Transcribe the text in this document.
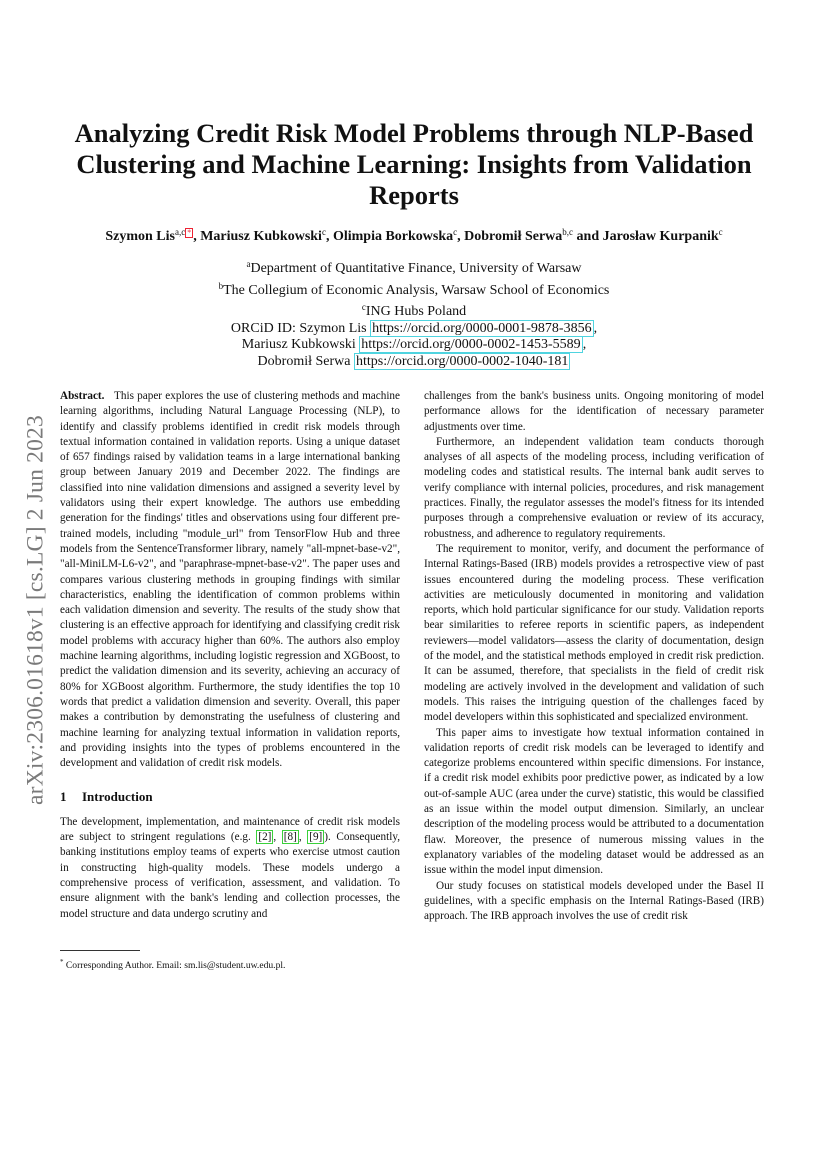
arXiv:2306.01618v1 [cs.LG] 2 Jun 2023
Analyzing Credit Risk Model Problems through NLP-Based Clustering and Machine Learning: Insights from Validation Reports
Szymon Lis$^{a,c}$ * , Mariusz Kubkowski$^c$, Olimpia Borkowska$^c$, Dobromił Serwa$^{b,c}$ and Jarosław Kurpanik$^c$
$^a$Department of Quantitative Finance, University of Warsaw
$^b$The Collegium of Economic Analysis, Warsaw School of Economics
$^c$ING Hubs Poland
ORCiD ID: Szymon Lis https://orcid.org/0000-0001-9878-3856 ,
Mariusz Kubkowski https://orcid.org/0000-0002-1453-5589 ,
Dobromił Serwa https://orcid.org/0000-0002-1040-181

Abstract. This paper explores the use of clustering methods and machine learning algorithms, including Natural Language Processing (NLP), to identify and classify problems identified in credit risk models through textual information contained in validation reports. Using a unique dataset of 657 findings raised by validation teams in a large international banking group between January 2019 and December 2022. The findings are classified into nine validation dimensions and assigned a severity level by validators using their expert knowledge. The authors use embedding generation for the findings' titles and observations using four different pre-trained models, including "module_url" from TensorFlow Hub and three models from the SentenceTransformer library, namely "all-mpnet-base-v2", "all-MiniLM-L6-v2", and "paraphrase-mpnet-base-v2". The paper uses and compares various clustering methods in grouping findings with similar characteristics, enabling the identification of common problems within each validation dimension and severity. The results of the study show that clustering is an effective approach for identifying and classifying credit risk model problems with accuracy higher than 60%. The authors also employ machine learning algorithms, including logistic regression and XGBoost, to predict the validation dimension and its severity, achieving an accuracy of 80% for XGBoost algorithm. Furthermore, the study identifies the top 10 words that predict a validation dimension and severity. Overall, this paper makes a contribution by demonstrating the usefulness of clustering and machine learning for analyzing textual information in validation reports, and providing insights into the types of problems encountered in the development and validation of credit risk models.

1 Introduction

The development, implementation, and maintenance of credit risk models are subject to stringent regulations (e.g. [2] , [8] , [9] ). Consequently, banking institutions employ teams of experts who exercise utmost caution in constructing high-quality models. These models undergo a comprehensive process of verification, assessment, and validation. To ensure alignment with the bank's lending and collection processes, the model structure and data undergo scrutiny and

* Corresponding Author. Email: sm.lis@student.uw.edu.pl.

challenges from the bank's business units. Ongoing monitoring of model performance allows for the identification of necessary parameter adjustments over time.

Furthermore, an independent validation team conducts thorough analyses of all aspects of the modeling process, including verification of modeling codes and statistical results. The internal bank audit serves to verify compliance with internal policies, procedures, and risk management practices. Finally, the regulator assesses the model's fitness for its intended purposes through a comprehensive evaluation or review of its accuracy, robustness, and adherence to regulatory requirements.

The requirement to monitor, verify, and document the performance of Internal Ratings-Based (IRB) models provides a retrospective view of past issues encountered during the modeling process. These verification activities are meticulously documented in monitoring and validation reports, which hold particular significance for our study. Validation reports bear similarities to referee reports in scientific papers, as independent reviewers—model validators—assess the clarity of documentation, design of the model, and the statistical methods employed in credit risk prediction. It can be assumed, therefore, that specialists in the field of credit risk modeling are actively involved in the development and validation of such models. This raises the intriguing question of the challenges faced by model developers within this sophisticated and specialized environment.

This paper aims to investigate how textual information contained in validation reports of credit risk models can be leveraged to identify and categorize problems encountered within specific dimensions. For instance, if a credit risk model exhibits poor predictive power, as indicated by a low out-of-sample AUC (area under the curve) statistic, this would be classified as an issue within the model output dimension. Similarly, an unclear description of the modeling process would be attributed to a documentation flaw. Moreover, the presence of numerous missing values in the explanatory variables of the modeling dataset would be addressed as an issue within the model input dimension.

Our study focuses on statistical models developed under the Basel II guidelines, with a specific emphasis on the Internal Ratings-Based (IRB) approach. The IRB approach involves the use of credit risk
